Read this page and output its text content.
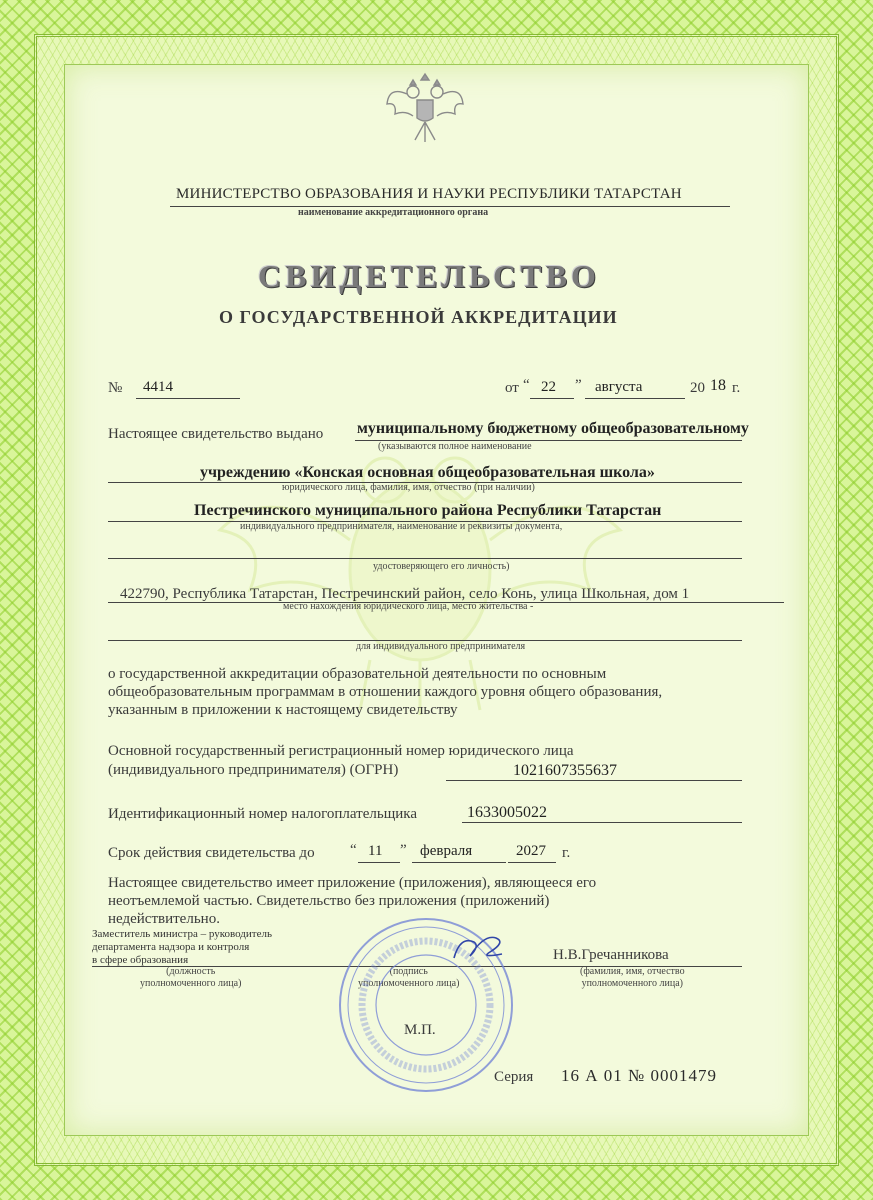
МИНИСТЕРСТВО ОБРАЗОВАНИЯ И НАУКИ РЕСПУБЛИКИ ТАТАРСТАН
наименование аккредитационного органа
СВИДЕТЕЛЬСТВО
О ГОСУДАРСТВЕННОЙ АККРЕДИТАЦИИ
№ 4414	от “ 22 ” августа	20 18 г.
Настоящее свидетельство выдано муниципальному бюджетному общеобразовательному
(указываются полное наименование
учреждению «Конская основная общеобразовательная школа»
юридического лица, фамилия, имя, отчество (при наличии)
Пестречинского муниципального района Республики Татарстан
индивидуального предпринимателя, наименование и реквизиты документа,
удостоверяющего его личность)
422790, Республика Татарстан, Пестречинский район, село Конь, улица Школьная, дом 1
место нахождения юридического лица, место жительства -
для индивидуального предпринимателя
о государственной аккредитации образовательной деятельности по основным
общеобразовательным программам в отношении каждого уровня общего образования,
указанным в приложении к настоящему свидетельству
Основной государственный регистрационный номер юридического лица
(индивидуального предпринимателя) (ОГРН)	1021607355637
Идентификационный номер налогоплательщика	1633005022
Срок действия свидетельства до “ 11 ” февраля	2027 г.
Настоящее свидетельство имеет приложение (приложения), являющееся его
неотъемлемой частью. Свидетельство без приложения (приложений)
недействительно.
Заместитель министра – руководитель
департамента надзора и контроля
в сфере образования
(должность
уполномоченного лица)
(подпись
уполномоченного лица)
Н.В.Гречанникова
(фамилия, имя, отчество
уполномоченного лица)
М.П.
Серия 16 А 01 № 0001479
